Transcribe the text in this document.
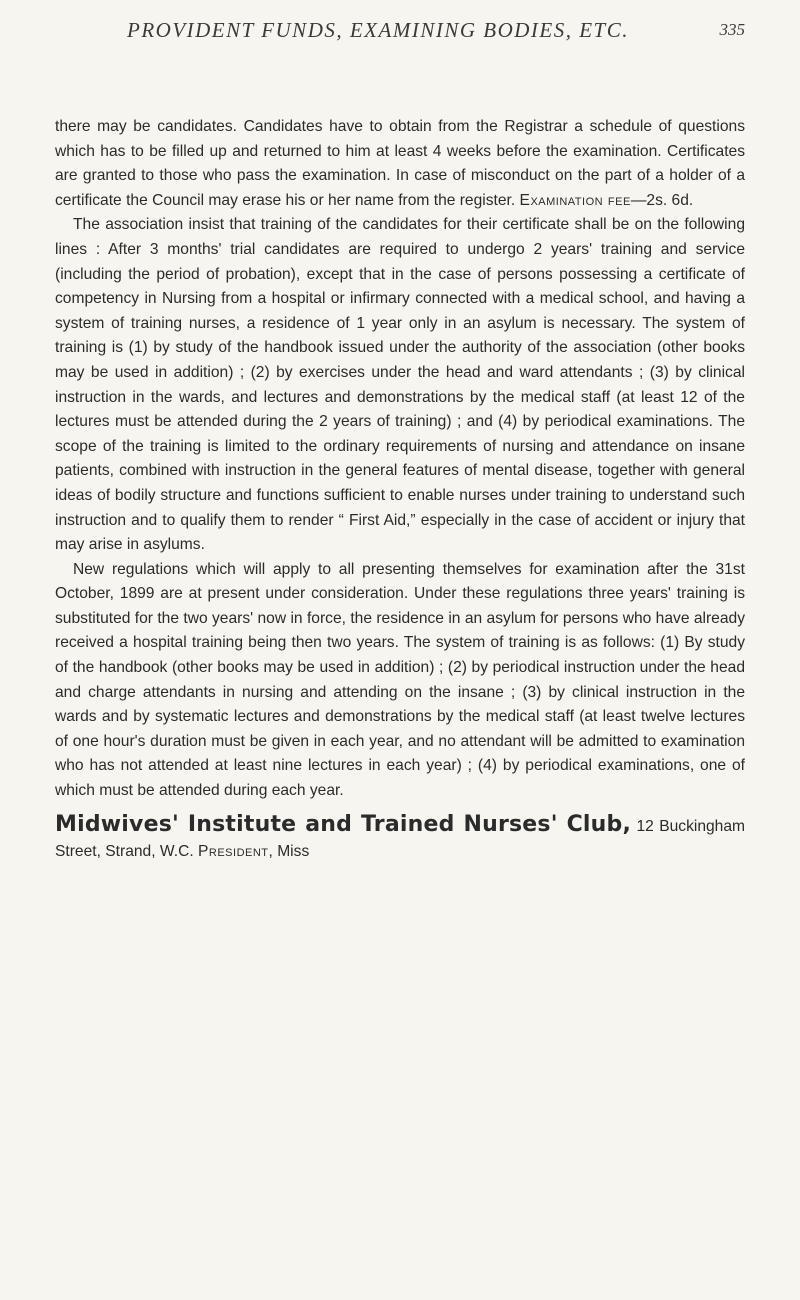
PROVIDENT FUNDS, EXAMINING BODIES, ETC.	335

there may be candidates. Candidates have to obtain from the Registrar a schedule of questions which has to be filled up and returned to him at least 4 weeks before the examination. Certificates are granted to those who pass the examination. In case of misconduct on the part of a holder of a certificate the Council may erase his or her name from the register. Examination fee—2s. 6d.

The association insist that training of the candidates for their certificate shall be on the following lines : After 3 months' trial candidates are required to undergo 2 years' training and service (including the period of probation), except that in the case of persons possessing a certificate of competency in Nursing from a hospital or infirmary connected with a medical school, and having a system of training nurses, a residence of 1 year only in an asylum is necessary. The system of training is (1) by study of the handbook issued under the authority of the association (other books may be used in addition) ; (2) by exercises under the head and ward attendants ; (3) by clinical instruction in the wards, and lectures and demonstrations by the medical staff (at least 12 of the lectures must be attended during the 2 years of training) ; and (4) by periodical examinations. The scope of the training is limited to the ordinary requirements of nursing and attendance on insane patients, combined with instruction in the general features of mental disease, together with general ideas of bodily structure and functions sufficient to enable nurses under training to understand such instruction and to qualify them to render “ First Aid,” especially in the case of accident or injury that may arise in asylums.

New regulations which will apply to all presenting themselves for examination after the 31st October, 1899 are at present under consideration. Under these regulations three years' training is substituted for the two years' now in force, the residence in an asylum for persons who have already received a hospital training being then two years. The system of training is as follows: (1) By study of the handbook (other books may be used in addition) ; (2) by periodical instruction under the head and charge attendants in nursing and attending on the insane ; (3) by clinical instruction in the wards and by systematic lectures and demonstrations by the medical staff (at least twelve lectures of one hour's duration must be given in each year, and no attendant will be admitted to examination who has not attended at least nine lectures in each year) ; (4) by periodical examinations, one of which must be attended during each year.

Midwives' Institute and Trained Nurses' Club, 12 Buckingham Street, Strand, W.C. President, Miss
